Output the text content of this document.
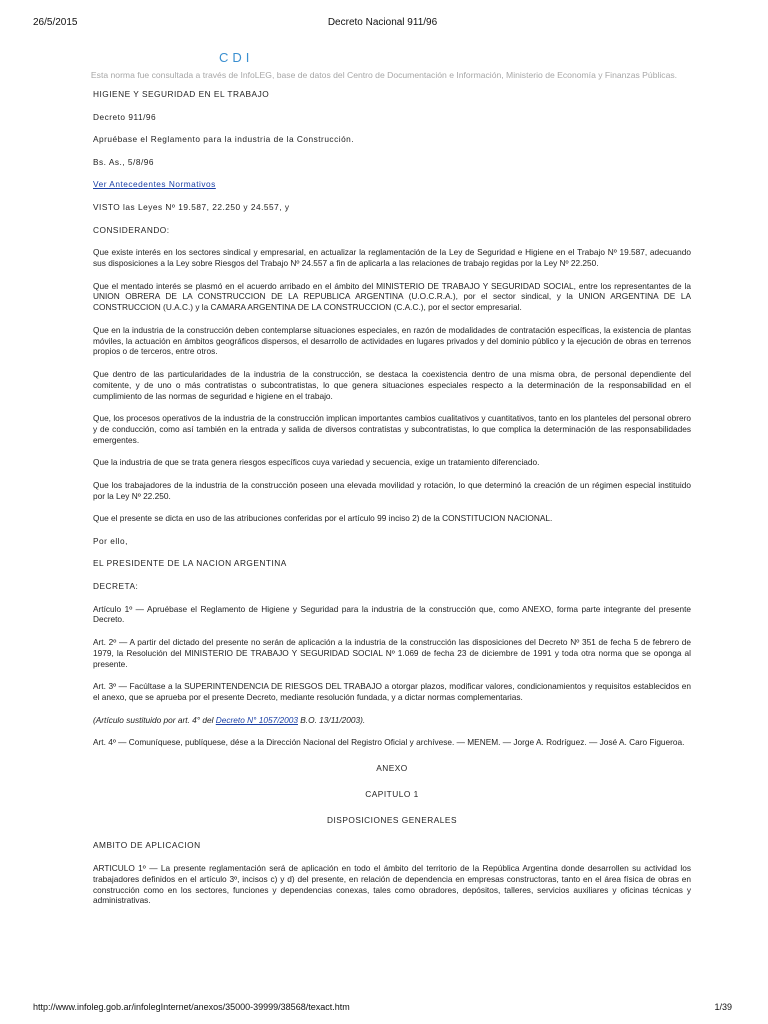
26/5/2015	Decreto Nacional 911/96
CDI
Esta norma fue consultada a través de InfoLEG, base de datos del Centro de Documentación e Información, Ministerio de Economía y Finanzas Públicas.

HIGIENE Y SEGURIDAD EN EL TRABAJO

Decreto 911/96

Apruébase el Reglamento para la industria de la Construcción.

Bs. As., 5/8/96

Ver Antecedentes Normativos

VISTO las Leyes Nº 19.587, 22.250 y 24.557, y

CONSIDERANDO:

Que existe interés en los sectores sindical y empresarial, en actualizar la reglamentación de la Ley de Seguridad e Higiene en el Trabajo Nº 19.587, adecuando sus disposiciones a la Ley sobre Riesgos del Trabajo Nº 24.557 a fin de aplicarla a las relaciones de trabajo regidas por la Ley Nº 22.250.

Que el mentado interés se plasmó en el acuerdo arribado en el ámbito del MINISTERIO DE TRABAJO Y SEGURIDAD SOCIAL, entre los representantes de la UNION OBRERA DE LA CONSTRUCCION DE LA REPUBLICA ARGENTINA (U.O.C.R.A.), por el sector sindical, y la UNION ARGENTINA DE LA CONSTRUCCION (U.A.C.) y la CAMARA ARGENTINA DE LA CONSTRUCCION (C.A.C.), por el sector empresarial.

Que en la industria de la construcción deben contemplarse situaciones especiales, en razón de modalidades de contratación específicas, la existencia de plantas móviles, la actuación en ámbitos geográficos dispersos, el desarrollo de actividades en lugares privados y del dominio público y la ejecución de obras en terrenos propios o de terceros, entre otros.

Que dentro de las particularidades de la industria de la construcción, se destaca la coexistencia dentro de una misma obra, de personal dependiente del comitente, y de uno o más contratistas o subcontratistas, lo que genera situaciones especiales respecto a la determinación de la responsabilidad en el cumplimiento de las normas de seguridad e higiene en el trabajo.

Que, los procesos operativos de la industria de la construcción implican importantes cambios cualitativos y cuantitativos, tanto en los planteles del personal obrero y de conducción, como así también en la entrada y salida de diversos contratistas y subcontratistas, lo que complica la determinación de las responsabilidades emergentes.

Que la industria de que se trata genera riesgos específicos cuya variedad y secuencia, exige un tratamiento diferenciado.

Que los trabajadores de la industria de la construcción poseen una elevada movilidad y rotación, lo que determinó la creación de un régimen especial instituido por la Ley Nº 22.250.

Que el presente se dicta en uso de las atribuciones conferidas por el artículo 99 inciso 2) de la CONSTITUCION NACIONAL.

Por ello,

EL PRESIDENTE DE LA NACION ARGENTINA

DECRETA:

Artículo 1º — Apruébase el Reglamento de Higiene y Seguridad para la industria de la construcción que, como ANEXO, forma parte integrante del presente Decreto.

Art. 2º — A partir del dictado del presente no serán de aplicación a la industria de la construcción las disposiciones del Decreto Nº 351 de fecha 5 de febrero de 1979, la Resolución del MINISTERIO DE TRABAJO Y SEGURIDAD SOCIAL Nº 1.069 de fecha 23 de diciembre de 1991 y toda otra norma que se oponga al presente.

Art. 3º — Facúltase a la SUPERINTENDENCIA DE RIESGOS DEL TRABAJO a otorgar plazos, modificar valores, condicionamientos y requisitos establecidos en el anexo, que se aprueba por el presente Decreto, mediante resolución fundada, y a dictar normas complementarias.

(Artículo sustituido por art. 4° del Decreto N° 1057/2003 B.O. 13/11/2003).

Art. 4º — Comuníquese, publíquese, dése a la Dirección Nacional del Registro Oficial y archívese. — MENEM. — Jorge A. Rodríguez. — José A. Caro Figueroa.

ANEXO

CAPITULO 1

DISPOSICIONES GENERALES

AMBITO DE APLICACION

ARTICULO 1º — La presente reglamentación será de aplicación en todo el ámbito del territorio de la República Argentina donde desarrollen su actividad los trabajadores definidos en el artículo 3º, incisos c) y d) del presente, en relación de dependencia en empresas constructoras, tanto en el área física de obras en construcción como en los sectores, funciones y dependencias conexas, tales como obradores, depósitos, talleres, servicios auxiliares y oficinas técnicas y administrativas.

http://www.infoleg.gob.ar/infolegInternet/anexos/35000-39999/38568/texact.htm	1/39
